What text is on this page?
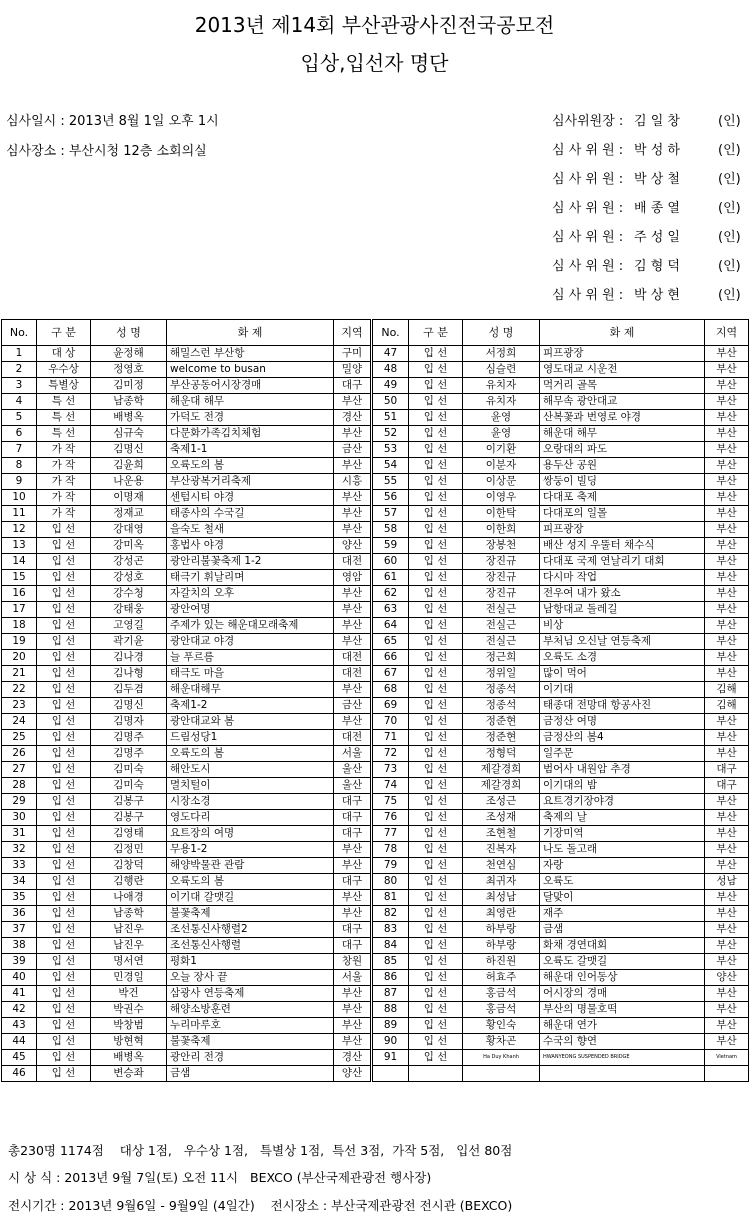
2013년 제14회 부산관광사진전국공모전
입상,입선자 명단
심사일시 : 2013년 8월 1일 오후 1시
심사장소 : 부산시청 12층 소회의실
심사위원장 : 김 일 창	(인)
심 사 위 원 : 박 성 하	(인)
심 사 위 원 : 박 상 철	(인)
심 사 위 원 : 배 종 열	(인)
심 사 위 원 : 주 성 일	(인)
심 사 위 원 : 김 형 덕	(인)
심 사 위 원 : 박 상 현	(인)
No.	구 분	성 명	화 제	지역	No.	구 분	성 명	화 제	지역
1	대 상	윤정해	해밀스런 부산항	구미	47	입 선	서정희	피프광장	부산
2	우수상	정영호	welcome to busan	밀양	48	입 선	심슬련	영도대교 시운전	부산
3	특별상	김미정	부산공동어시장경매	대구	49	입 선	유치자	먹거리 골목	부산
4	특 선	남종학	해운대 해무	부산	50	입 선	유치자	해무속 광안대교	부산
5	특 선	배병옥	가덕도 전경	경산	51	입 선	윤영	산복꽃과 번영로 야경	부산
6	특 선	심규숙	다문화가족김치체험	부산	52	입 선	윤영	해운대 해무	부산
7	가 작	김명신	축제1-1	금산	53	입 선	이기환	오랑대의 파도	부산
8	가 작	김윤희	오륙도의 봄	부산	54	입 선	이분자	용두산 공원	부산
9	가 작	나운용	부산광복거리축제	시흥	55	입 선	이상문	쌍둥이 빌딩	부산
10	가 작	이명재	센텀시티 야경	부산	56	입 선	이영우	다대포 축제	부산
11	가 작	정재교	태종사의 수국길	부산	57	입 선	이한탁	다대포의 일몰	부산
12	입 선	강대영	을숙도 철새	부산	58	입 선	이한희	피프광장	부산
13	입 선	강미옥	홍법사 야경	양산	59	입 선	장봉천	배산 성지 우뚤터 채수식	부산
14	입 선	강성곤	광안리불꽃축제 1-2	대전	60	입 선	장진규	다대포 국제 연날리기 대회	부산
15	입 선	강성호	태극기 휘날리며	영암	61	입 선	장진규	다시마 작업	부산
16	입 선	강수청	자갈치의 오후	부산	62	입 선	장진규	전우여 내가 왔소	부산
17	입 선	강태웅	광안여명	부산	63	입 선	전실근	남항대교 돌레길	부산
18	입 선	고영길	주제가 있는 해운대모래축제	부산	64	입 선	전실근	비상	부산
19	입 선	곽기윤	광안대교 야경	부산	65	입 선	전실근	부처님 오신날 연등축제	부산
20	입 선	김나경	늘 푸르름	대전	66	입 선	정근희	오륙도 소경	부산
21	입 선	김나형	태극도 마을	대전	67	입 선	정위일	많이 먹어	부산
22	입 선	김두겸	해운대해무	부산	68	입 선	정종석	이기대	김해
23	입 선	김명신	축제1-2	금산	69	입 선	정종석	태종대 전망대 항공사진	김해
24	입 선	김명자	광안대교와 봄	부산	70	입 선	정준현	금정산 여명	부산
25	입 선	김명주	드림성당1	대전	71	입 선	정준현	금정산의 봄4	부산
26	입 선	김명주	오륙도의 봄	서울	72	입 선	정형덕	일주문	부산
27	입 선	김미숙	해안도시	울산	73	입 선	제갈경희	범어사 내원암 추경	대구
28	입 선	김미숙	멸치털이	울산	74	입 선	제갈경희	이기대의 밤	대구
29	입 선	김봉구	시장소경	대구	75	입 선	조성근	요트경기장야경	부산
30	입 선	김봉구	영도다리	대구	76	입 선	조성재	축제의 날	부산
31	입 선	김영태	요트장의 여명	대구	77	입 선	조현철	기장미역	부산
32	입 선	김정민	무용1-2	부산	78	입 선	진복자	나도 돌고래	부산
33	입 선	김창덕	해양박물관 관람	부산	79	입 선	천연심	자랑	부산
34	입 선	김행란	오륙도의 봄	대구	80	입 선	최귀자	오륙도	성남
35	입 선	나애경	이기대 갈맷길	부산	81	입 선	최성남	달맞이	부산
36	입 선	남종학	불꽃축제	부산	82	입 선	최영란	재주	부산
37	입 선	남진우	조선통신사행렬2	대구	83	입 선	하부랑	금샘	부산
38	입 선	남진우	조선통신사행렬	대구	84	입 선	하부랑	화채 경연대회	부산
39	입 선	명서연	평화1	창원	85	입 선	하진원	오륙도 갈맷길	부산
40	입 선	민경일	오늘 장사 끝	서울	86	입 선	허효주	해운대 인어동상	양산
41	입 선	박건	삼광사 연등축제	부산	87	입 선	홍금석	어시장의 경매	부산
42	입 선	박권수	해양소방훈련	부산	88	입 선	홍금석	부산의 명물호떡	부산
43	입 선	박창범	누리마루호	부산	89	입 선	황인숙	해운대 연가	부산
44	입 선	방현혁	불꽃축제	부산	90	입 선	황차곤	수국의 향연	부산
45	입 선	배병옥	광안리 전경	경산	91	입 선	Ha Duy Khanh	HWANYEONG SUSPENDED BRIDGE	Vietnam
46	입 선	변승좌	금샘	양산					
총230명 1174점    대상 1점,   우수상 1점,   특별상 1점,  특선 3점,  가작 5점,   입선 80점
시 상 식 : 2013년 9월 7일(토) 오전 11시   BEXCO (부산국제관광전 행사장)
전시기간 : 2013년 9월6일 - 9월9일 (4일간)    전시장소 : 부산국제관광전 전시관 (BEXCO)
